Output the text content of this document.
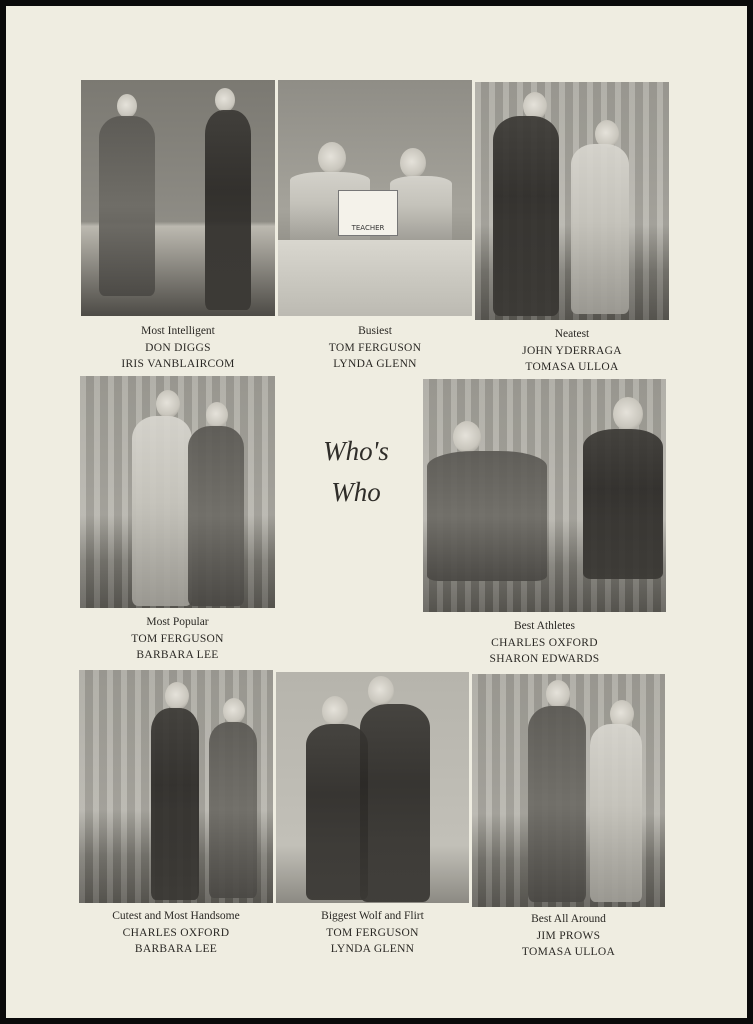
TEACHER
Most Intelligent
DON DIGGS
IRIS VANBLAIRCOM
Busiest
TOM FERGUSON
LYNDA GLENN
Neatest
JOHN YDERRAGA
TOMASA ULLOA
Who's
Who
Most Popular
TOM FERGUSON
BARBARA LEE
Best Athletes
CHARLES OXFORD
SHARON EDWARDS
Cutest and Most Handsome
CHARLES OXFORD
BARBARA LEE
Biggest Wolf and Flirt
TOM FERGUSON
LYNDA GLENN
Best All Around
JIM PROWS
TOMASA ULLOA
